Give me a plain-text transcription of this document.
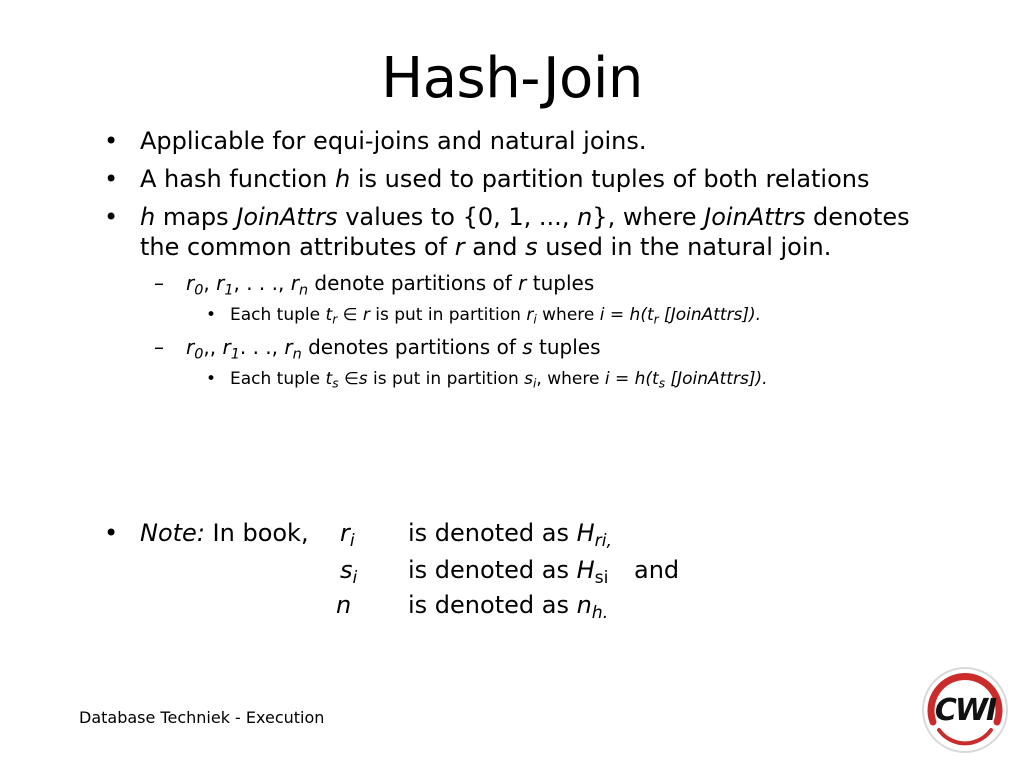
Hash-Join
• Applicable for equi-joins and natural joins.
• A hash function h is used to partition tuples of both relations
• h maps JoinAttrs values to {0, 1, ..., n}, where JoinAttrs denotes
the common attributes of r and s used in the natural join.
– $r_0$, $r_1$, . . ., $r_n$ denote partitions of r tuples
• Each tuple $t_r$ ∈ r is put in partition $r_i$ where $i = h(t_r$ [JoinAttrs]).
– $r_0$,, $r_1$. . ., $r_n$ denotes partitions of s tuples
• Each tuple $t_s$ ∈s is put in partition $s_i$, where $i = h(t_s$ [JoinAttrs]).
• Note: In book, $r_i$ is denoted as $H_{ri,}$
$s_i$ is denoted as $H_{si}$ and
n is denoted as $n_{h.}$
Database Techniek - Execution	CWI
